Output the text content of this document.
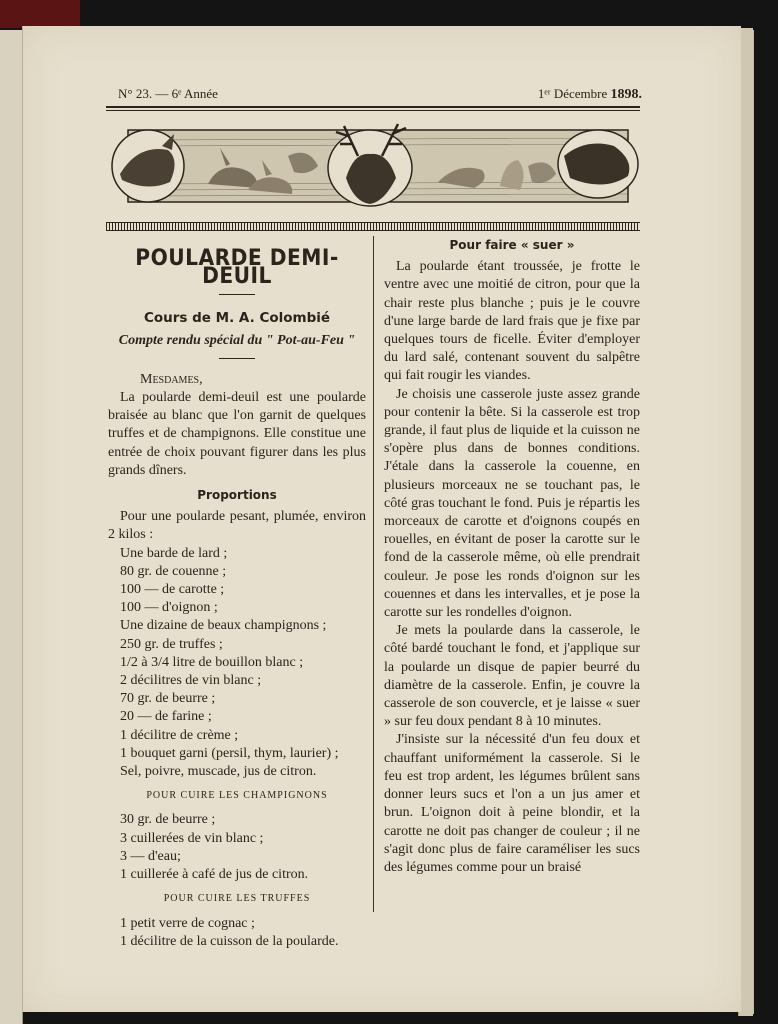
N° 23. — 6ᵉ Année	1ᵉʳ Décembre 1898.
POULARDE DEMI-DEUIL
Cours de M. A. Colombié
Compte rendu spécial du " Pot-au-Feu "

Mesdames,

La poularde demi-deuil est une poularde braisée au blanc que l'on garnit de quelques truffes et de champignons. Elle constitue une entrée de choix pouvant figurer dans les plus grands dîners.

Proportions

Pour une poularde pesant, plumée, environ 2 kilos :

Une barde de lard ;
80 gr. de couenne ;
100 — de carotte ;
100 — d'oignon ;
Une dizaine de beaux champignons ;
250 gr. de truffes ;
1/2 à 3/4 litre de bouillon blanc ;
2 décilitres de vin blanc ;
70 gr. de beurre ;
20 — de farine ;
1 décilitre de crème ;
1 bouquet garni (persil, thym, laurier) ;
Sel, poivre, muscade, jus de citron.
POUR CUIRE LES CHAMPIGNONS
30 gr. de beurre ;
3 cuillerées de vin blanc ;
3 — d'eau;
1 cuillerée à café de jus de citron.
POUR CUIRE LES TRUFFES
1 petit verre de cognac ;
1 décilitre de la cuisson de la poularde.
Pour faire « suer »

La poularde étant troussée, je frotte le ventre avec une moitié de citron, pour que la chair reste plus blanche ; puis je le couvre d'une large barde de lard frais que je fixe par quelques tours de ficelle. Éviter d'employer du lard salé, contenant souvent du salpêtre qui fait rougir les viandes.

Je choisis une casserole juste assez grande pour contenir la bête. Si la casserole est trop grande, il faut plus de liquide et la cuisson ne s'opère plus dans de bonnes conditions. J'étale dans la casserole la couenne, en plusieurs morceaux ne se touchant pas, le côté gras touchant le fond. Puis je répartis les morceaux de carotte et d'oignons coupés en rouelles, en évitant de poser la carotte sur le fond de la casserole même, où elle prendrait couleur. Je pose les ronds d'oignon sur les couennes et dans les intervalles, et je pose la carotte sur les rondelles d'oignon.

Je mets la poularde dans la casserole, le côté bardé touchant le fond, et j'applique sur la poularde un disque de papier beurré du diamètre de la casserole. Enfin, je couvre la casserole de son couvercle, et je laisse « suer » sur feu doux pendant 8 à 10 minutes.

J'insiste sur la nécessité d'un feu doux et chauffant uniformément la casserole. Si le feu est trop ardent, les légumes brûlent sans donner leurs sucs et l'on a un jus amer et brun. L'oignon doit à peine blondir, et la carotte ne doit pas changer de couleur ; il ne s'agit donc plus de faire caraméliser les sucs des légumes comme pour un braisé
